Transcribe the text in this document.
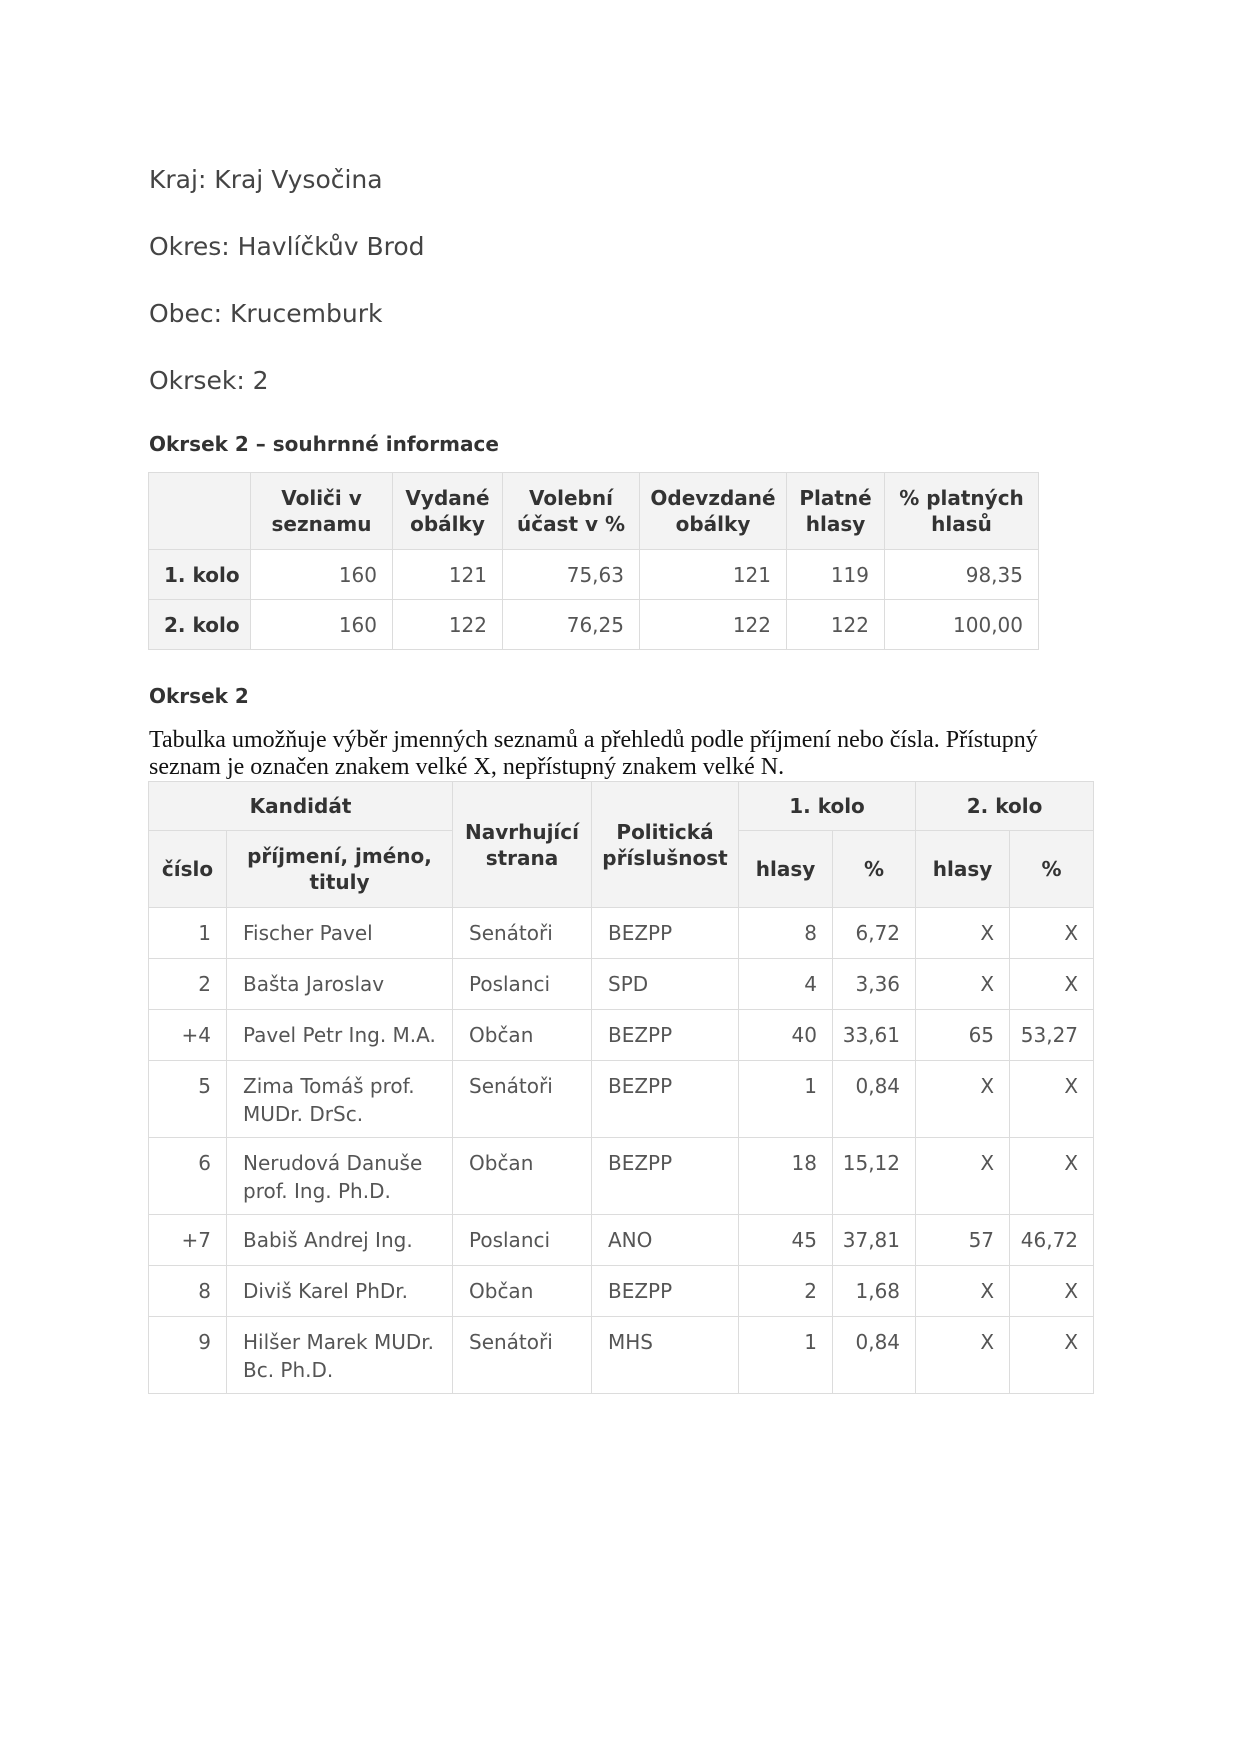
Kraj: Kraj Vysočina

Okres: Havlíčkův Brod

Obec: Krucemburk

Okrsek: 2

Okrsek 2 – souhrnné informace
	Voliči v seznamu	Vydané obálky	Volební účast v %	Odevzdané obálky	Platné hlasy	% platných hlasů
1. kolo	160	121	75,63	121	119	98,35
2. kolo	160	122	76,25	122	122	100,00
Okrsek 2

Tabulka umožňuje výběr jmenných seznamů a přehledů podle příjmení nebo čísla. Přístupný seznam je označen znakem velké X, nepřístupný znakem velké N.

Kandidát		Navrhující strana	Politická příslušnost	1. kolo		2. kolo	
číslo	příjmení, jméno, tituly			hlasy	%	hlasy	%
1	Fischer Pavel	Senátoři	BEZPP	8	6,72	X	X
2	Bašta Jaroslav	Poslanci	SPD	4	3,36	X	X
+4	Pavel Petr Ing. M.A.	Občan	BEZPP	40	33,61	65	53,27
5	Zima Tomáš prof. MUDr. DrSc.	Senátoři	BEZPP	1	0,84	X	X
6	Nerudová Danuše prof. Ing. Ph.D.	Občan	BEZPP	18	15,12	X	X
+7	Babiš Andrej Ing.	Poslanci	ANO	45	37,81	57	46,72
8	Diviš Karel PhDr.	Občan	BEZPP	2	1,68	X	X
9	Hilšer Marek MUDr. Bc. Ph.D.	Senátoři	MHS	1	0,84	X	X
